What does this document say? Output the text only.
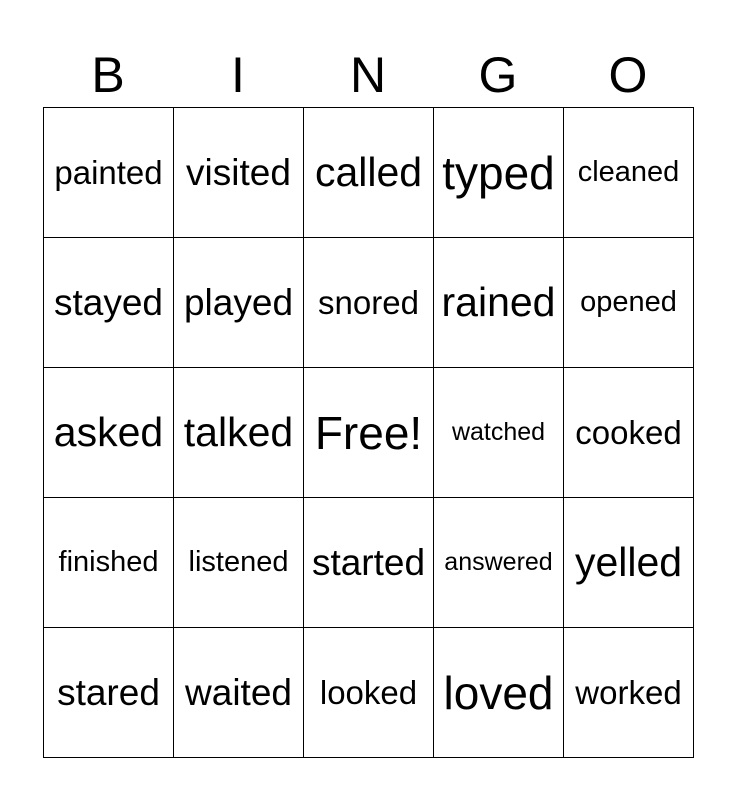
B	I	N	G	O
painted visited called typed cleaned
stayed played snored rained opened
asked talked Free!	watched cooked
finished	listened started answered yelled
stared waited looked loved worked
